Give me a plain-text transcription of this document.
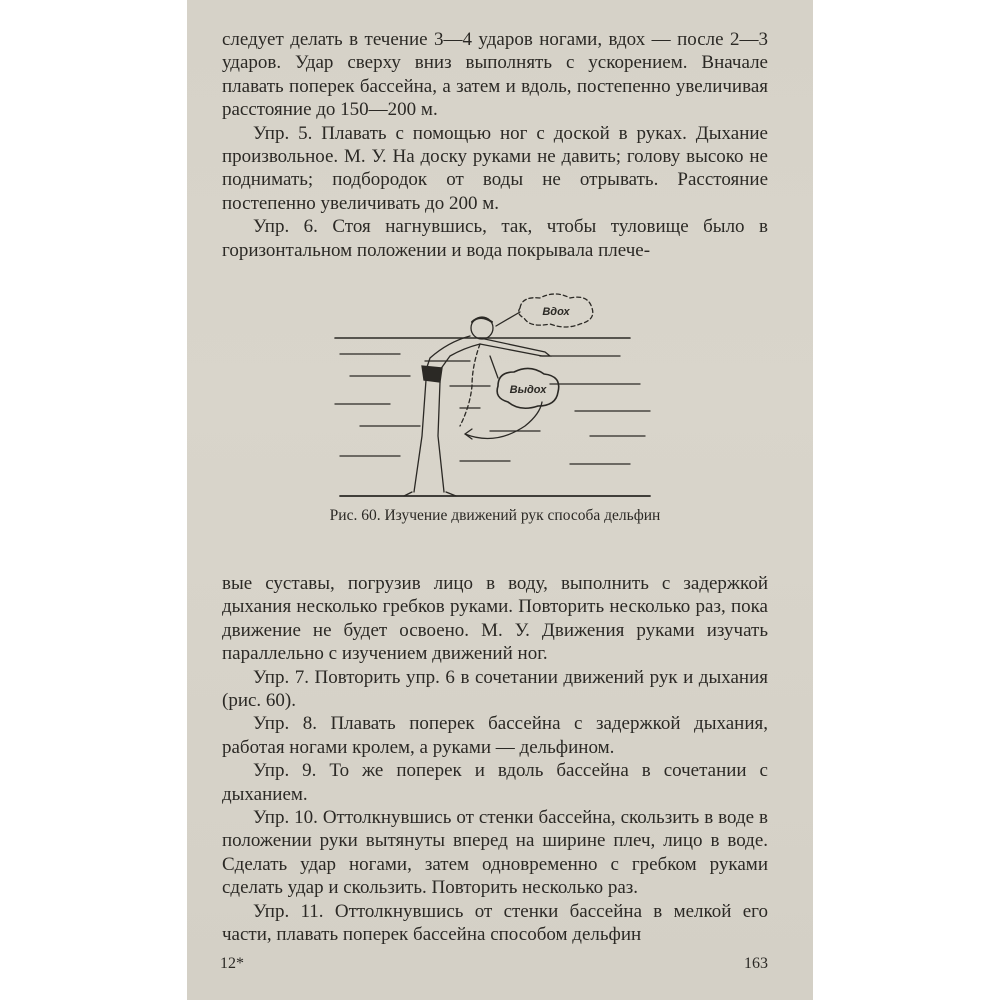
следует делать в течение 3—4 ударов ногами, вдох — после 2—3 ударов. Удар сверху вниз выполнять с ускорением. Вначале плавать поперек бассейна, а затем и вдоль, постепенно увеличивая расстояние до 150—200 м.

Упр. 5. Плавать с помощью ног с доской в руках. Дыхание произвольное. М. У. На доску руками не давить; голову высоко не поднимать; подбородок от воды не отрывать. Расстояние постепенно увеличивать до 200 м.

Упр. 6. Стоя нагнувшись, так, чтобы туловище было в горизонтальном положении и вода покрывала плече-

Вдох
Выдох
Рис. 60. Изучение движений рук способа дельфин

вые суставы, погрузив лицо в воду, выполнить с задержкой дыхания несколько гребков руками. Повторить несколько раз, пока движение не будет освоено. М. У. Движения руками изучать параллельно с изучением движений ног.

Упр. 7. Повторить упр. 6 в сочетании движений рук и дыхания (рис. 60).

Упр. 8. Плавать поперек бассейна с задержкой дыхания, работая ногами кролем, а руками — дельфином.

Упр. 9. То же поперек и вдоль бассейна в сочетании с дыханием.

Упр. 10. Оттолкнувшись от стенки бассейна, скользить в воде в положении руки вытянуты вперед на ширине плеч, лицо в воде. Сделать удар ногами, затем одновременно с гребком руками сделать удар и скользить. Повторить несколько раз.

Упр. 11. Оттолкнувшись от стенки бассейна в мелкой его части, плавать поперек бассейна способом дельфин

12*	163
